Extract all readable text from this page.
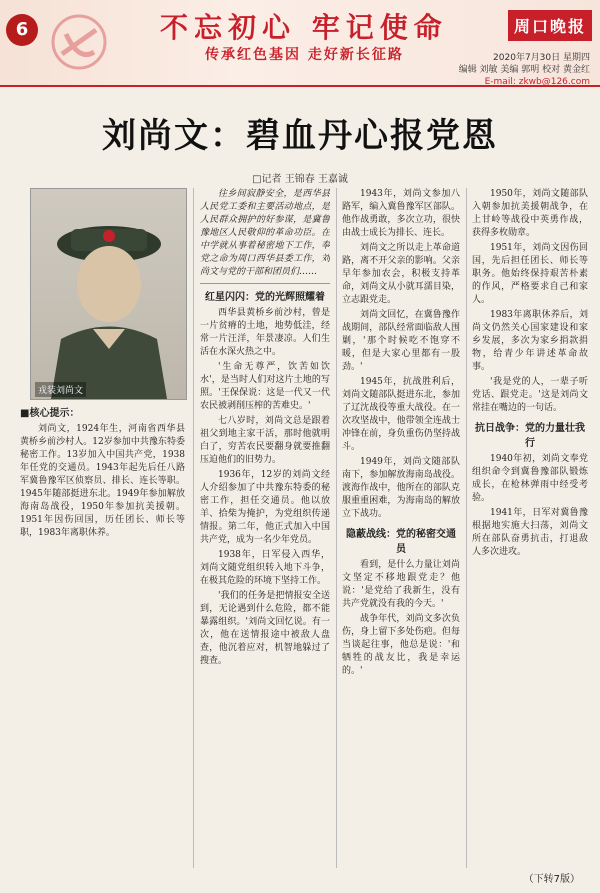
6	不忘初心 牢记使命
传承红色基因 走好新长征路
周口晚报
2020年7月30日 星期四
编辑 刘敏 美编 郭明 校对 黄金红
E-mail: zkwb@126.com
刘尚文：碧血丹心报党恩
□记者 王锦春 王嘉诚
戎装刘尚文
■核心提示：

刘尚文，1924年生，河南省西华县黄桥乡前沙村人。12岁参加中共豫东特委秘密工作。13岁加入中国共产党，1938年任党的交通员。1943年起先后任八路军冀鲁豫军区侦察员、排长、连长等职。1945年随部挺进东北。1949年参加解放海南岛战役，1950年参加抗美援朝。1951年因伤回国，历任团长、师长等职，1983年离职休养。

往乡间寂静安全，是西华县人民党工委和主要活动地点，是人民群众拥护的好参谋，是冀鲁豫地区人民敬仰的革命功臣。在中学就从事着秘密地下工作，奉党之命为周口西华县委工作，刘尚文与党的干部和团员们……

红星闪闪：党的光辉照耀着

西华县黄桥乡前沙村，曾是一片贫瘠的土地，地势低洼，经常一片汪洋，年景凄凉。人们生活在水深火热之中。

'生命无尊严，饮苦如饮水'，是当时人们对这片土地的写照。'王保保说：这是一代又一代农民被剥削压榨的苦难史。'

七八岁时，刘尚文总是跟着祖父到地主家干活，那时他就明白了，穷苦农民要翻身就要推翻压迫他们的旧势力。

1936年，12岁的刘尚文经人介绍参加了中共豫东特委的秘密工作，担任交通员。他以放羊、拾柴为掩护，为党组织传递情报。第二年，他正式加入中国共产党，成为一名少年党员。

1938年，日军侵入西华，刘尚文随党组织转入地下斗争，在极其危险的环境下坚持工作。

'我们的任务是把情报安全送到，无论遇到什么危险，都不能暴露组织。'刘尚文回忆说。有一次，他在送情报途中被敌人盘查，他沉着应对，机智地躲过了搜查。

1943年，刘尚文参加八路军，编入冀鲁豫军区部队。他作战勇敢，多次立功，很快由战士成长为排长、连长。

刘尚文之所以走上革命道路，离不开父亲的影响。父亲早年参加农会，积极支持革命，刘尚文从小就耳濡目染，立志跟党走。

刘尚文回忆，在冀鲁豫作战期间，部队经常面临敌人围剿，'那个时候吃不饱穿不暖，但是大家心里都有一股劲。'

1945年，抗战胜利后，刘尚文随部队挺进东北，参加了辽沈战役等重大战役。在一次攻坚战中，他带领全连战士冲锋在前，身负重伤仍坚持战斗。

1949年，刘尚文随部队南下，参加解放海南岛战役。渡海作战中，他所在的部队克服重重困难，为海南岛的解放立下战功。

隐蔽战线：党的秘密交通员

看到，是什么力量让刘尚文坚定不移地跟党走？他说：'是党给了我新生，没有共产党就没有我的今天。'

战争年代，刘尚文多次负伤，身上留下多处伤疤。但每当谈起往事，他总是说：'和牺牲的战友比，我是幸运的。'

1950年，刘尚文随部队入朝参加抗美援朝战争，在上甘岭等战役中英勇作战，获得多枚勋章。

1951年，刘尚文因伤回国，先后担任团长、师长等职务。他始终保持艰苦朴素的作风，严格要求自己和家人。

1983年离职休养后，刘尚文仍然关心国家建设和家乡发展，多次为家乡捐款捐物，给青少年讲述革命故事。

'我是党的人，一辈子听党话、跟党走。'这是刘尚文常挂在嘴边的一句话。

抗日战争：党的力量壮我行

1940年初，刘尚文奉党组织命令到冀鲁豫部队锻炼成长，在枪林弹雨中经受考验。

1941年，日军对冀鲁豫根据地实施大扫荡，刘尚文所在部队奋勇抗击，打退敌人多次进攻。

（下转7版）
